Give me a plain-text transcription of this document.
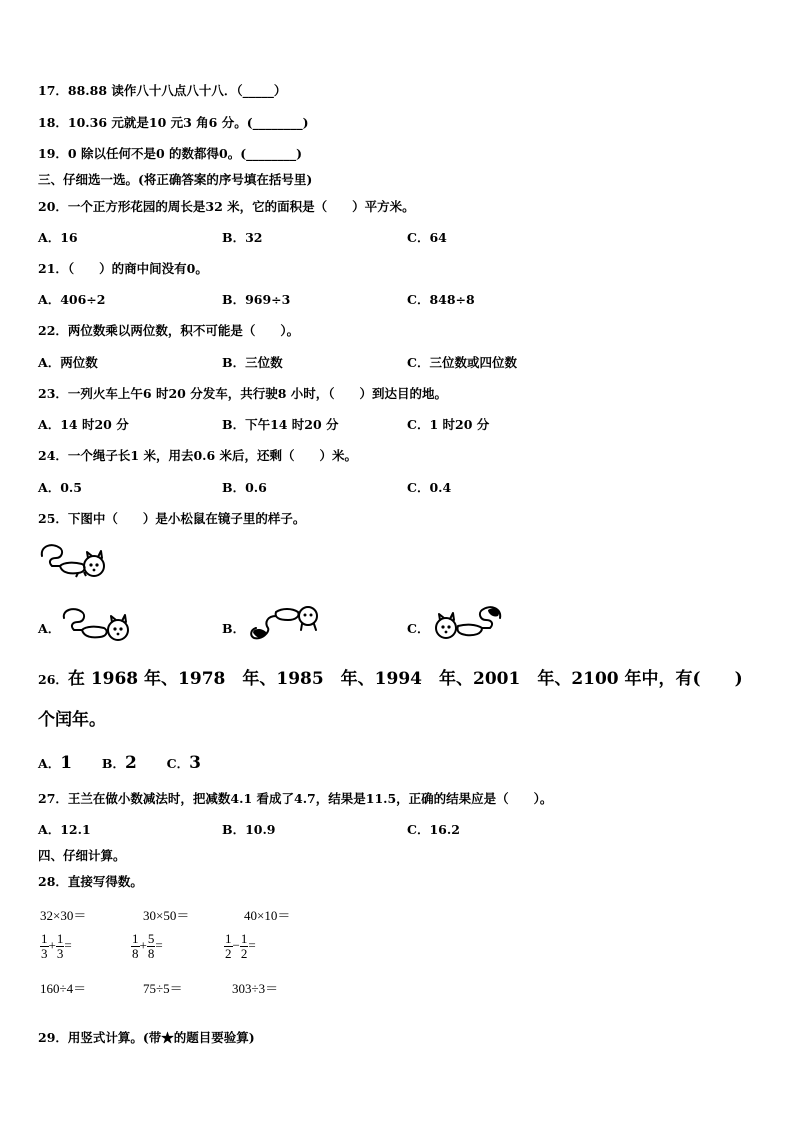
17．88.88 读作八十八点八十八．（_____）
18．10.36 元就是10 元3 角6 分。(________)
19．0 除以任何不是0 的数都得0。(________)
三、仔细选一选。(将正确答案的序号填在括号里)
20．一个正方形花园的周长是32 米，它的面积是（　　）平方米。
A．16	B．32	C．64
21．（　　）的商中间没有0。
A．406÷2	B．969÷3	C．848÷8
22．两位数乘以两位数，积不可能是（　　）。
A．两位数	B．三位数	C．三位数或四位数
23．一列火车上午6 时20 分发车，共行驶8 小时，（　　）到达目的地。
A．14 时20 分	B．下午14 时20 分	C．1 时20 分
24．一个绳子长1 米，用去0.6 米后，还剩（　　）米。
A．0.5	B．0.6	C．0.4
25．下图中（　　）是小松鼠在镜子里的样子。
A．	B．	C．
26．在 1968 年、1978　年、1985　年、1994　年、2001　年、2100 年中，有(　　)
个闰年。
A．1 B．2 C．3
27．王兰在做小数减法时，把减数4.1 看成了4.7，结果是11.5，正确的结果应是（　　）。
A．12.1	B．10.9	C．16.2
四、仔细计算。
28．直接写得数。
32×30＝	30×50＝	40×10＝
$\frac{1}{3} + \frac{1}{3}$ =	$\frac{1}{8} + \frac{5}{8}$ =	$\frac{1}{2} - \frac{1}{2}$ =
160÷4＝	75÷5＝	303÷3＝
29．用竖式计算。(带★的题目要验算)
